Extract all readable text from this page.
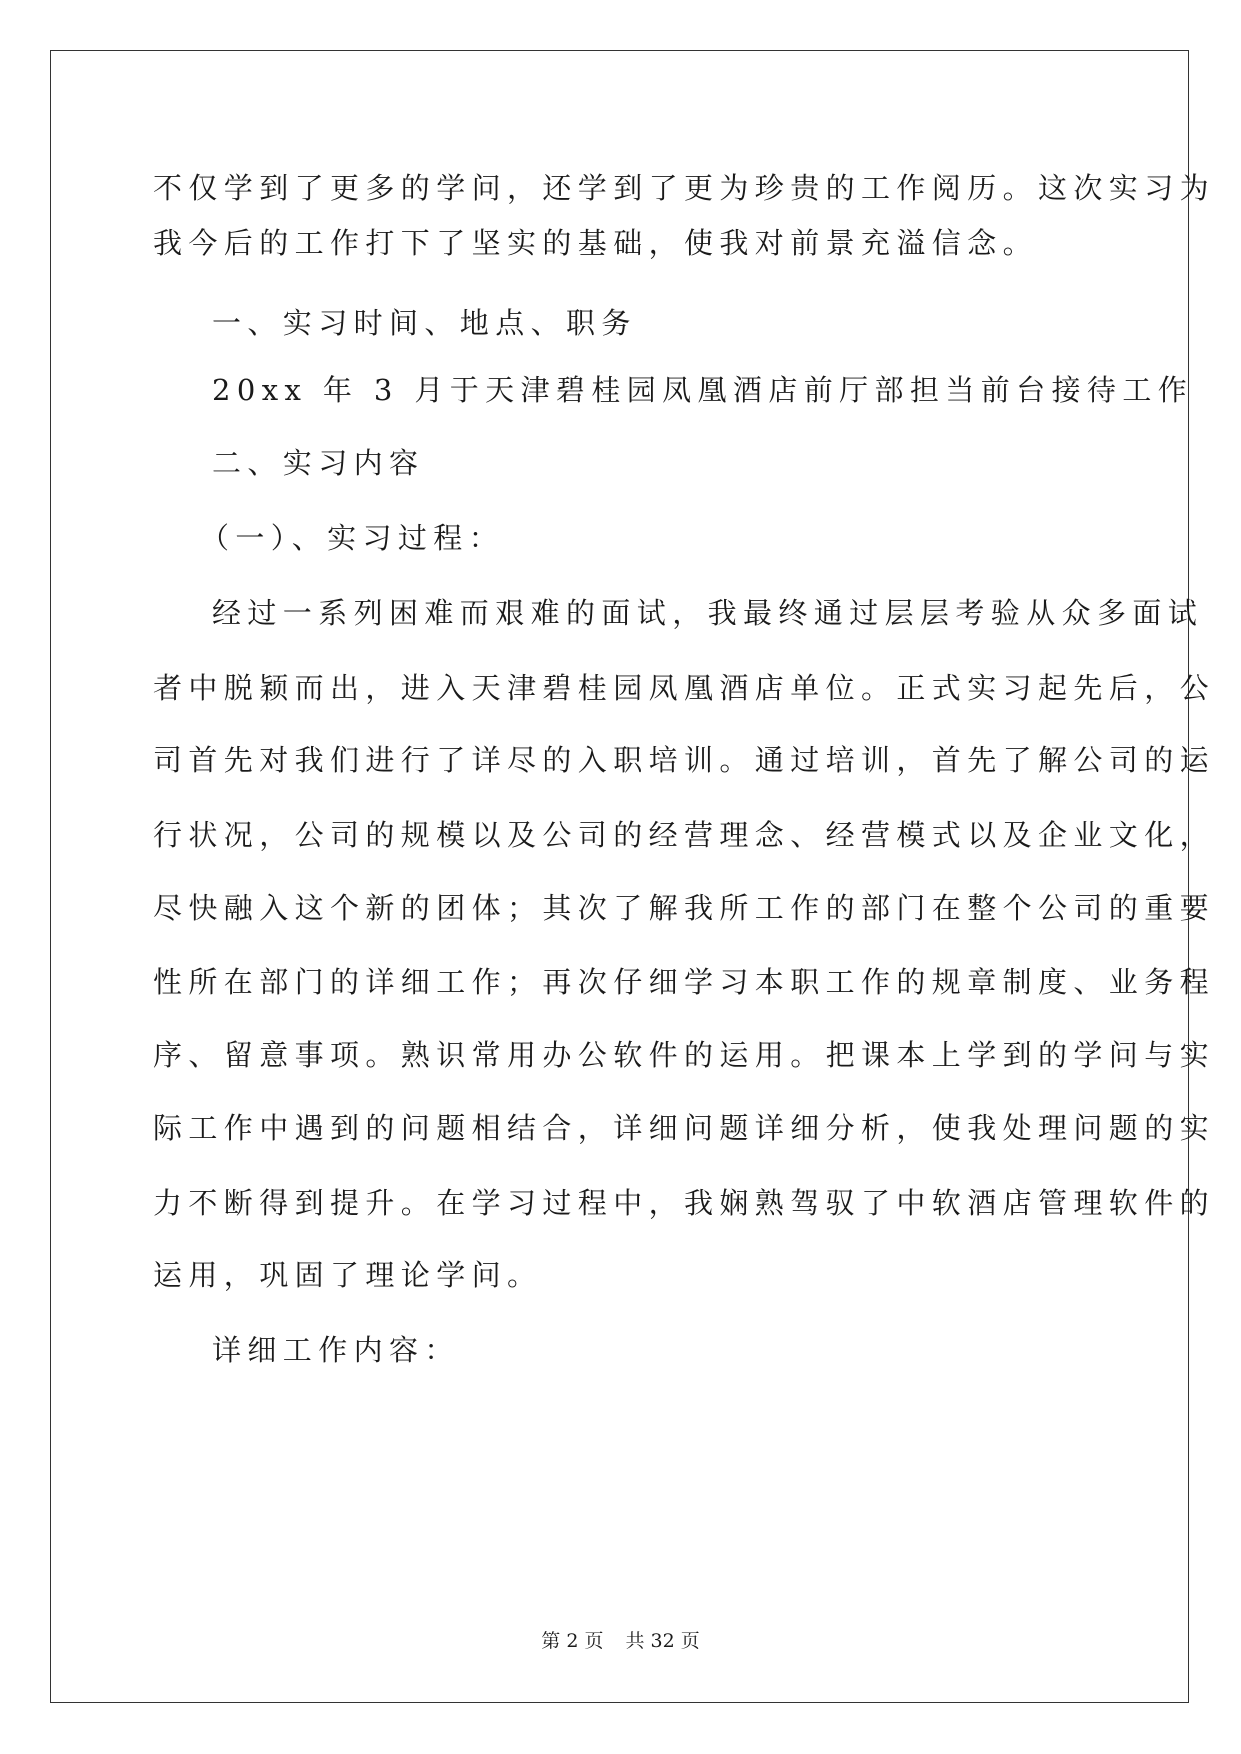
不仅学到了更多的学问，还学到了更为珍贵的工作阅历。这次实习为
我今后的工作打下了坚实的基础，使我对前景充溢信念。
一、实习时间、地点、职务
20xx 年 3 月于天津碧桂园凤凰酒店前厅部担当前台接待工作
二、实习内容
（一）、实习过程：
经过一系列困难而艰难的面试，我最终通过层层考验从众多面试
者中脱颖而出，进入天津碧桂园凤凰酒店单位。正式实习起先后，公
司首先对我们进行了详尽的入职培训。通过培训，首先了解公司的运
行状况，公司的规模以及公司的经营理念、经营模式以及企业文化，
尽快融入这个新的团体；其次了解我所工作的部门在整个公司的重要
性所在部门的详细工作；再次仔细学习本职工作的规章制度、业务程
序、留意事项。熟识常用办公软件的运用。把课本上学到的学问与实
际工作中遇到的问题相结合，详细问题详细分析，使我处理问题的实
力不断得到提升。在学习过程中，我娴熟驾驭了中软酒店管理软件的
运用，巩固了理论学问。
详细工作内容：
第 2 页 共 32 页
